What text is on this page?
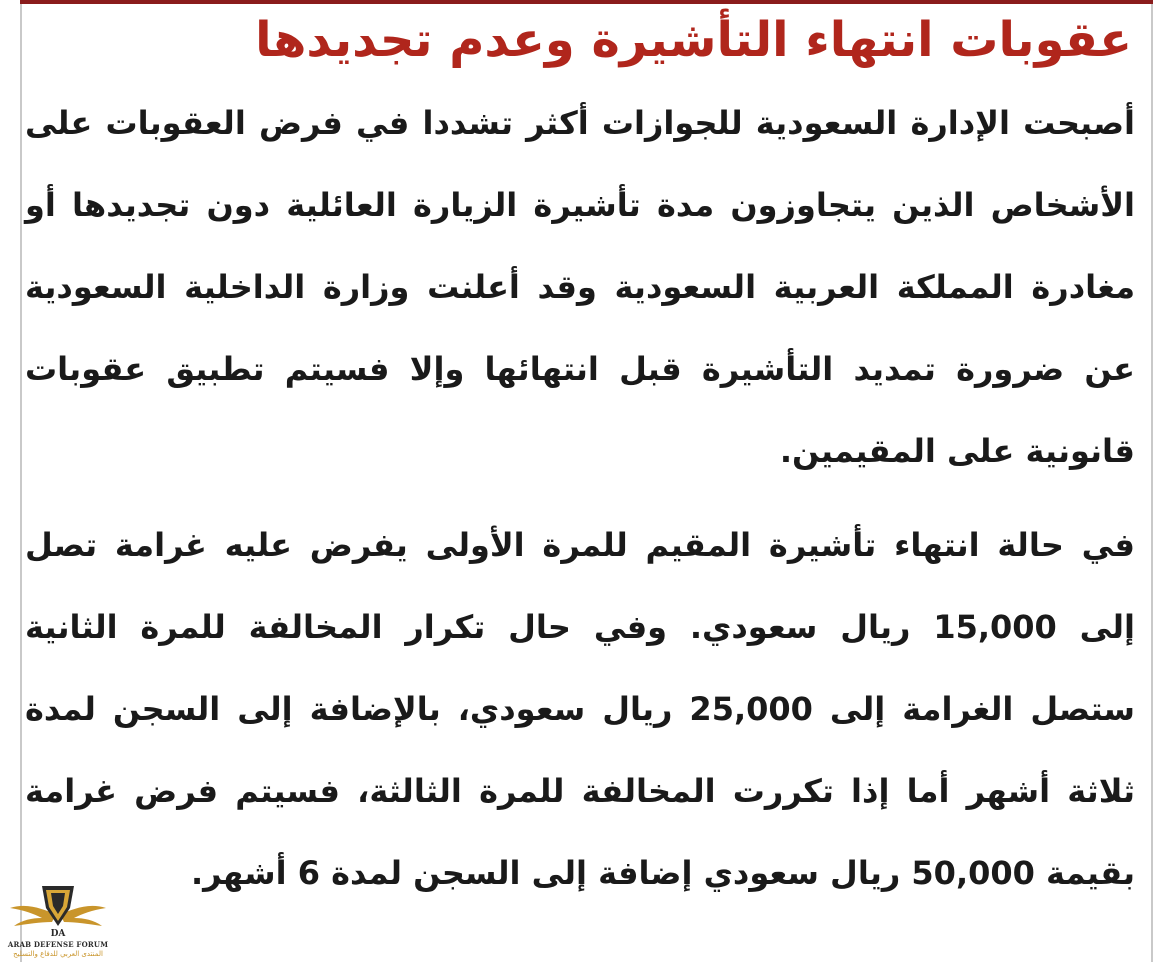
عقوبات انتهاء التأشيرة وعدم تجديدها

أصبحت الإدارة السعودية للجوازات أكثر تشددا في فرض العقوبات على الأشخاص الذين يتجاوزون مدة تأشيرة الزيارة العائلية دون تجديدها أو مغادرة المملكة العربية السعودية وقد أعلنت وزارة الداخلية السعودية عن ضرورة تمديد التأشيرة قبل انتهائها وإلا فسيتم تطبيق عقوبات قانونية على المقيمين.

في حالة انتهاء تأشيرة المقيم للمرة الأولى يفرض عليه غرامة تصل إلى 15,000 ريال سعودي. وفي حال تكرار المخالفة للمرة الثانية ستصل الغرامة إلى 25,000 ريال سعودي، بالإضافة إلى السجن لمدة ثلاثة أشهر أما إذا تكررت المخالفة للمرة الثالثة، فسيتم فرض غرامة بقيمة 50,000 ريال سعودي إضافة إلى السجن لمدة 6 أشهر.

DA
ARAB DEFENSE FORUM
المنتدى العربي للدفاع والتسليح
